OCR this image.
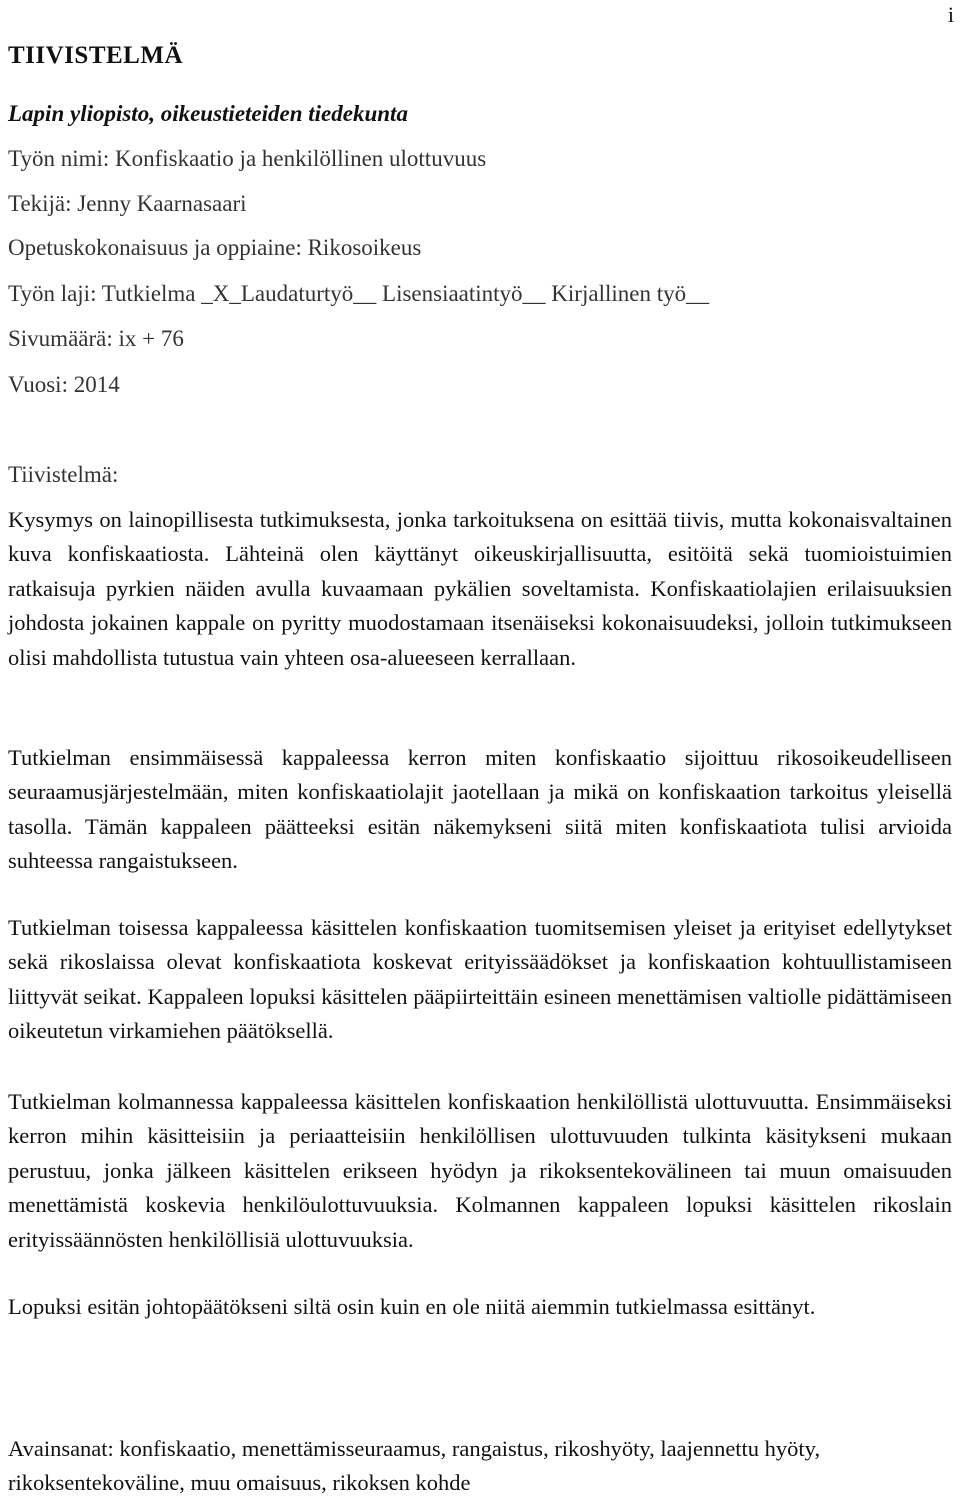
i
TIIVISTELMÄ
Lapin yliopisto, oikeustieteiden tiedekunta
Työn nimi: Konfiskaatio ja henkilöllinen ulottuvuus
Tekijä: Jenny Kaarnasaari
Opetuskokonaisuus ja oppiaine: Rikosoikeus
Työn laji: Tutkielma _X_Laudaturtyö__ Lisensiaatintyö__ Kirjallinen työ__
Sivumäärä: ix + 76
Vuosi: 2014
Tiivistelmä:

Kysymys on lainopillisesta tutkimuksesta, jonka tarkoituksena on esittää tiivis, mutta kokonaisvaltainen kuva konfiskaatiosta. Lähteinä olen käyttänyt oikeuskirjallisuutta, esitöitä sekä tuomioistuimien ratkaisuja pyrkien näiden avulla kuvaamaan pykälien soveltamista. Konfiskaatiolajien erilaisuuksien johdosta jokainen kappale on pyritty muodostamaan itsenäiseksi kokonaisuudeksi, jolloin tutkimukseen olisi mahdollista tutustua vain yhteen osa-alueeseen kerrallaan.

Tutkielman ensimmäisessä kappaleessa kerron miten konfiskaatio sijoittuu rikosoikeudelliseen seuraamusjärjestelmään, miten konfiskaatiolajit jaotellaan ja mikä on konfiskaation tarkoitus yleisellä tasolla. Tämän kappaleen päätteeksi esitän näkemykseni siitä miten konfiskaatiota tulisi arvioida suhteessa rangaistukseen.

Tutkielman toisessa kappaleessa käsittelen konfiskaation tuomitsemisen yleiset ja erityiset edellytykset sekä rikoslaissa olevat konfiskaatiota koskevat erityissäädökset ja konfiskaation kohtuullistamiseen liittyvät seikat. Kappaleen lopuksi käsittelen pääpiirteittäin esineen menettämisen valtiolle pidättämiseen oikeutetun virkamiehen päätöksellä.

Tutkielman kolmannessa kappaleessa käsittelen konfiskaation henkilöllistä ulottuvuutta. Ensimmäiseksi kerron mihin käsitteisiin ja periaatteisiin henkilöllisen ulottuvuuden tulkinta käsitykseni mukaan perustuu, jonka jälkeen käsittelen erikseen hyödyn ja rikoksentekovälineen tai muun omaisuuden menettämistä koskevia henkilöulottuvuuksia. Kolmannen kappaleen lopuksi käsittelen rikoslain erityissäännösten henkilöllisiä ulottuvuuksia.

Lopuksi esitän johtopäätökseni siltä osin kuin en ole niitä aiemmin tutkielmassa esittänyt.

Avainsanat: konfiskaatio, menettämisseuraamus, rangaistus, rikoshyöty, laajennettu hyöty, rikoksentekoväline, muu omaisuus, rikoksen kohde
